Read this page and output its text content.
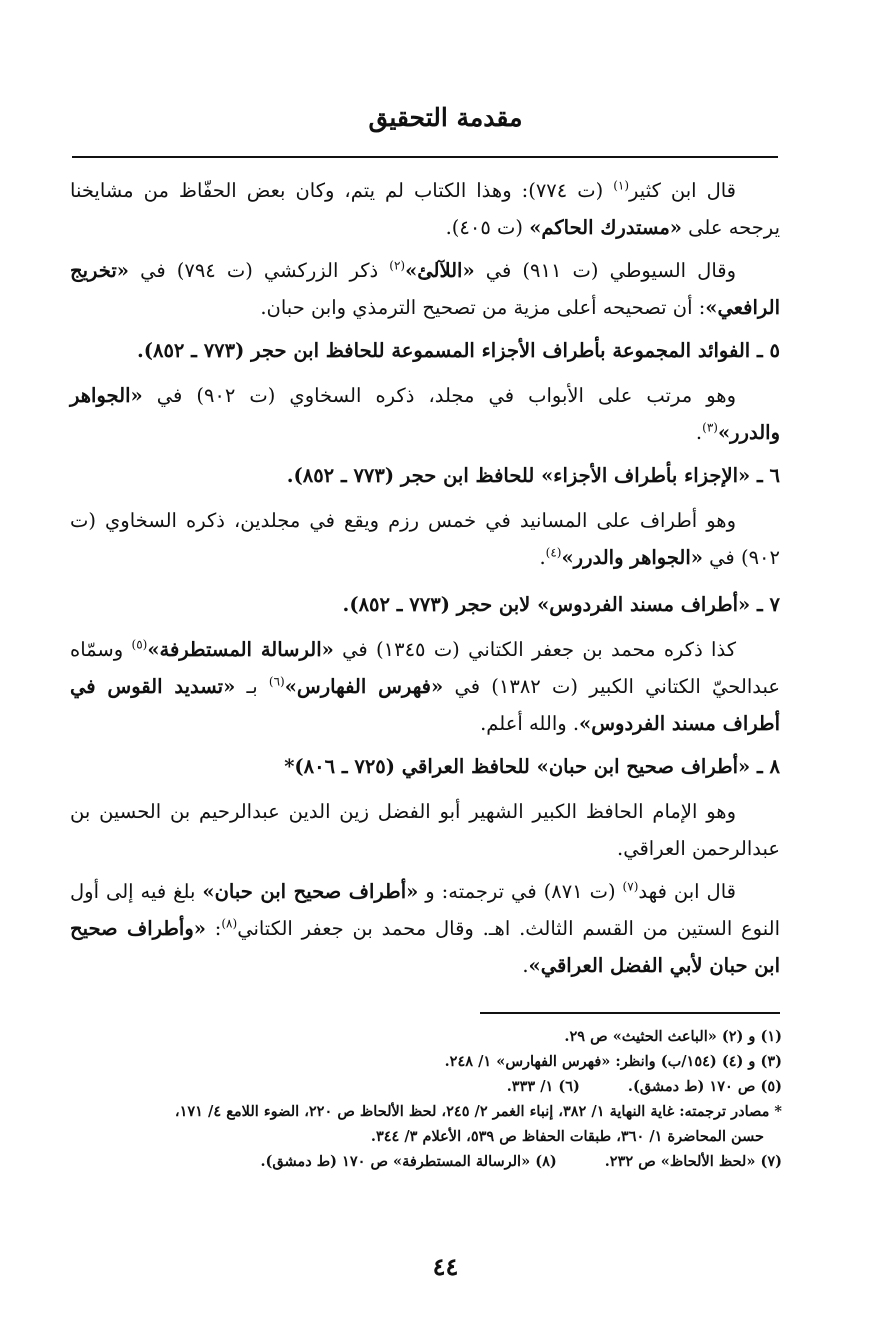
مقدمة التحقيق

قال ابن كثير$^{(١)}$ (ت ٧٧٤): وهذا الكتاب لم يتم، وكان بعض الحفّاظ من مشايخنا يرجحه على «مستدرك الحاكم» (ت ٤٠٥).

وقال السيوطي (ت ٩١١) في «اللآلئ»$^{(٢)}$ ذكر الزركشي (ت ٧٩٤) في «تخريج الرافعي»: أن تصحيحه أعلى مزية من تصحيح الترمذي وابن حبان.

٥ ـ الفوائد المجموعة بأطراف الأجزاء المسموعة للحافظ ابن حجر (٧٧٣ ـ ٨٥٢).

وهو مرتب على الأبواب في مجلد، ذكره السخاوي (ت ٩٠٢) في «الجواهر والدرر»$^{(٣)}$.

٦ ـ «الإجزاء بأطراف الأجزاء» للحافظ ابن حجر (٧٧٣ ـ ٨٥٢).

وهو أطراف على المسانيد في خمس رزم ويقع في مجلدين، ذكره السخاوي (ت ٩٠٢) في «الجواهر والدرر»$^{(٤)}$.

٧ ـ «أطراف مسند الفردوس» لابن حجر (٧٧٣ ـ ٨٥٢).

كذا ذكره محمد بن جعفر الكتاني (ت ١٣٤٥) في «الرسالة المستطرفة»$^{(٥)}$ وسمّاه عبدالحيّ الكتاني الكبير (ت ١٣٨٢) في «فهرس الفهارس»$^{(٦)}$ بـ «تسديد القوس في أطراف مسند الفردوس». والله أعلم.

٨ ـ «أطراف صحيح ابن حبان» للحافظ العراقي (٧٢٥ ـ ٨٠٦)*

وهو الإمام الحافظ الكبير الشهير أبو الفضل زين الدين عبدالرحيم بن الحسين بن عبدالرحمن العراقي.

قال ابن فهد$^{(٧)}$ (ت ٨٧١) في ترجمته: و «أطراف صحيح ابن حبان» بلغ فيه إلى أول النوع الستين من القسم الثالث. اهـ. وقال محمد بن جعفر الكتاني$^{(٨)}$: «وأطراف صحيح ابن حبان لأبي الفضل العراقي».

(١) و (٢) «الباعث الحثيث» ص ٢٩.
(٣) و (٤) (١٥٤/ب) وانظر: «فهرس الفهارس» ١/ ٢٤٨.
(٥) ص ١٧٠ (ط دمشق).(٦) ١/ ٣٣٣.
* مصادر ترجمته: غاية النهاية ١/ ٣٨٢، إنباء الغمر ٢/ ٢٤٥، لحظ الألحاظ ص ٢٢٠، الضوء اللامع ٤/ ١٧١،
حسن المحاضرة ١/ ٣٦٠، طبقات الحفاظ ص ٥٣٩، الأعلام ٣/ ٣٤٤.
(٧) «لحظ الألحاظ» ص ٢٣٢.(٨) «الرسالة المستطرفة» ص ١٧٠ (ط دمشق).
٤٤
